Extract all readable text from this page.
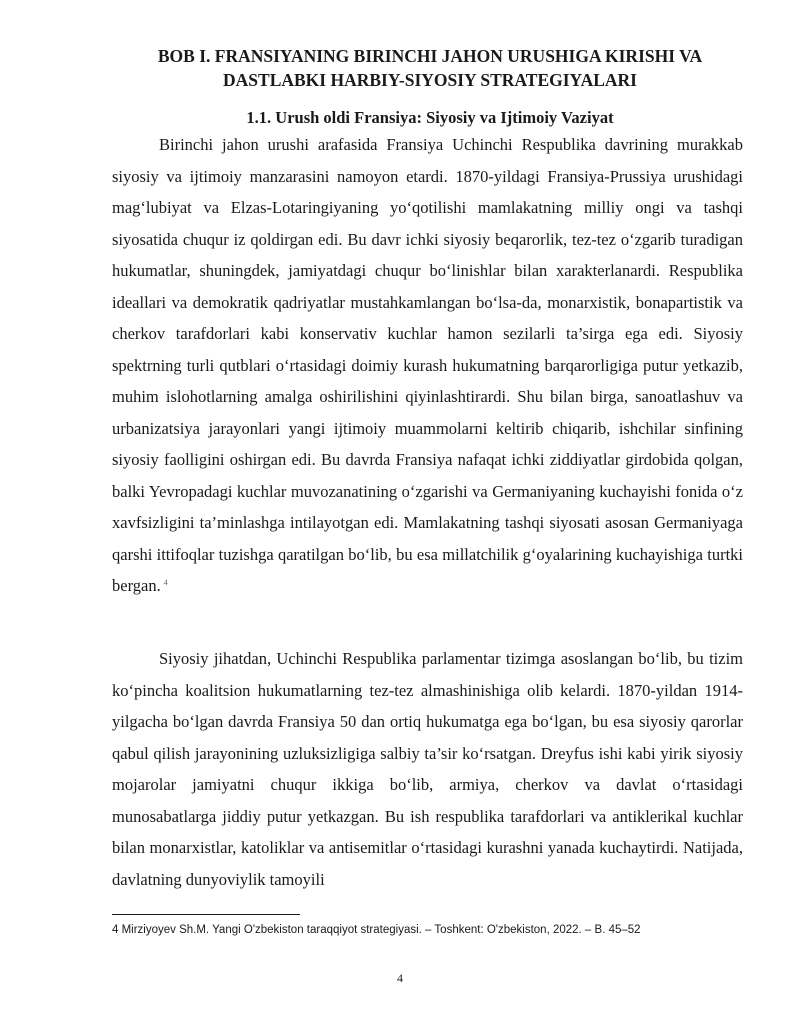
BOB I. FRANSIYANING BIRINCHI JAHON URUSHIGA KIRISHI VA
DASTLABKI HARBIY-SIYOSIY STRATEGIYALARI
1.1. Urush oldi Fransiya: Siyosiy va Ijtimoiy Vaziyat

Birinchi jahon urushi arafasida Fransiya Uchinchi Respublika davrining murakkab siyosiy va ijtimoiy manzarasini namoyon etardi. 1870-yildagi Fransiya-Prussiya urushidagi mag‘lubiyat va Elzas-Lotaringiyaning yo‘qotilishi mamlakatning milliy ongi va tashqi siyosatida chuqur iz qoldirgan edi. Bu davr ichki siyosiy beqarorlik, tez-tez o‘zgarib turadigan hukumatlar, shuningdek, jamiyatdagi chuqur bo‘linishlar bilan xarakterlanardi. Respublika ideallari va demokratik qadriyatlar mustahkamlangan bo‘lsa-da, monarxistik, bonapartistik va cherkov tarafdorlari kabi konservativ kuchlar hamon sezilarli ta’sirga ega edi. Siyosiy spektrning turli qutblari o‘rtasidagi doimiy kurash hukumatning barqarorligiga putur yetkazib, muhim islohotlarning amalga oshirilishini qiyinlashtirardi. Shu bilan birga, sanoatlashuv va urbanizatsiya jarayonlari yangi ijtimoiy muammolarni keltirib chiqarib, ishchilar sinfining siyosiy faolligini oshirgan edi. Bu davrda Fransiya nafaqat ichki ziddiyatlar girdobida qolgan, balki Yevropadagi kuchlar muvozanatining o‘zgarishi va Germaniyaning kuchayishi fonida o‘z xavfsizligini ta’minlashga intilayotgan edi. Mamlakatning tashqi siyosati asosan Germaniyaga qarshi ittifoqlar tuzishga qaratilgan bo‘lib, bu esa millatchilik g‘oyalarining kuchayishiga turtki bergan. $^4$

Siyosiy jihatdan, Uchinchi Respublika parlamentar tizimga asoslangan bo‘lib, bu tizim ko‘pincha koalitsion hukumatlarning tez-tez almashinishiga olib kelardi. 1870-yildan 1914-yilgacha bo‘lgan davrda Fransiya 50 dan ortiq hukumatga ega bo‘lgan, bu esa siyosiy qarorlar qabul qilish jarayonining uzluksizligiga salbiy ta’sir ko‘rsatgan. Dreyfus ishi kabi yirik siyosiy mojarolar jamiyatni chuqur ikkiga bo‘lib, armiya, cherkov va davlat o‘rtasidagi munosabatlarga jiddiy putur yetkazgan. Bu ish respublika tarafdorlari va antiklerikal kuchlar bilan monarxistlar, katoliklar va antisemitlar o‘rtasidagi kurashni yanada kuchaytirdi. Natijada, davlatning dunyoviylik tamoyili

4 Mirziyoyev Sh.M. Yangi O'zbekiston taraqqiyot strategiyasi. – Toshkent: O'zbekiston, 2022. – B. 45–52

4
